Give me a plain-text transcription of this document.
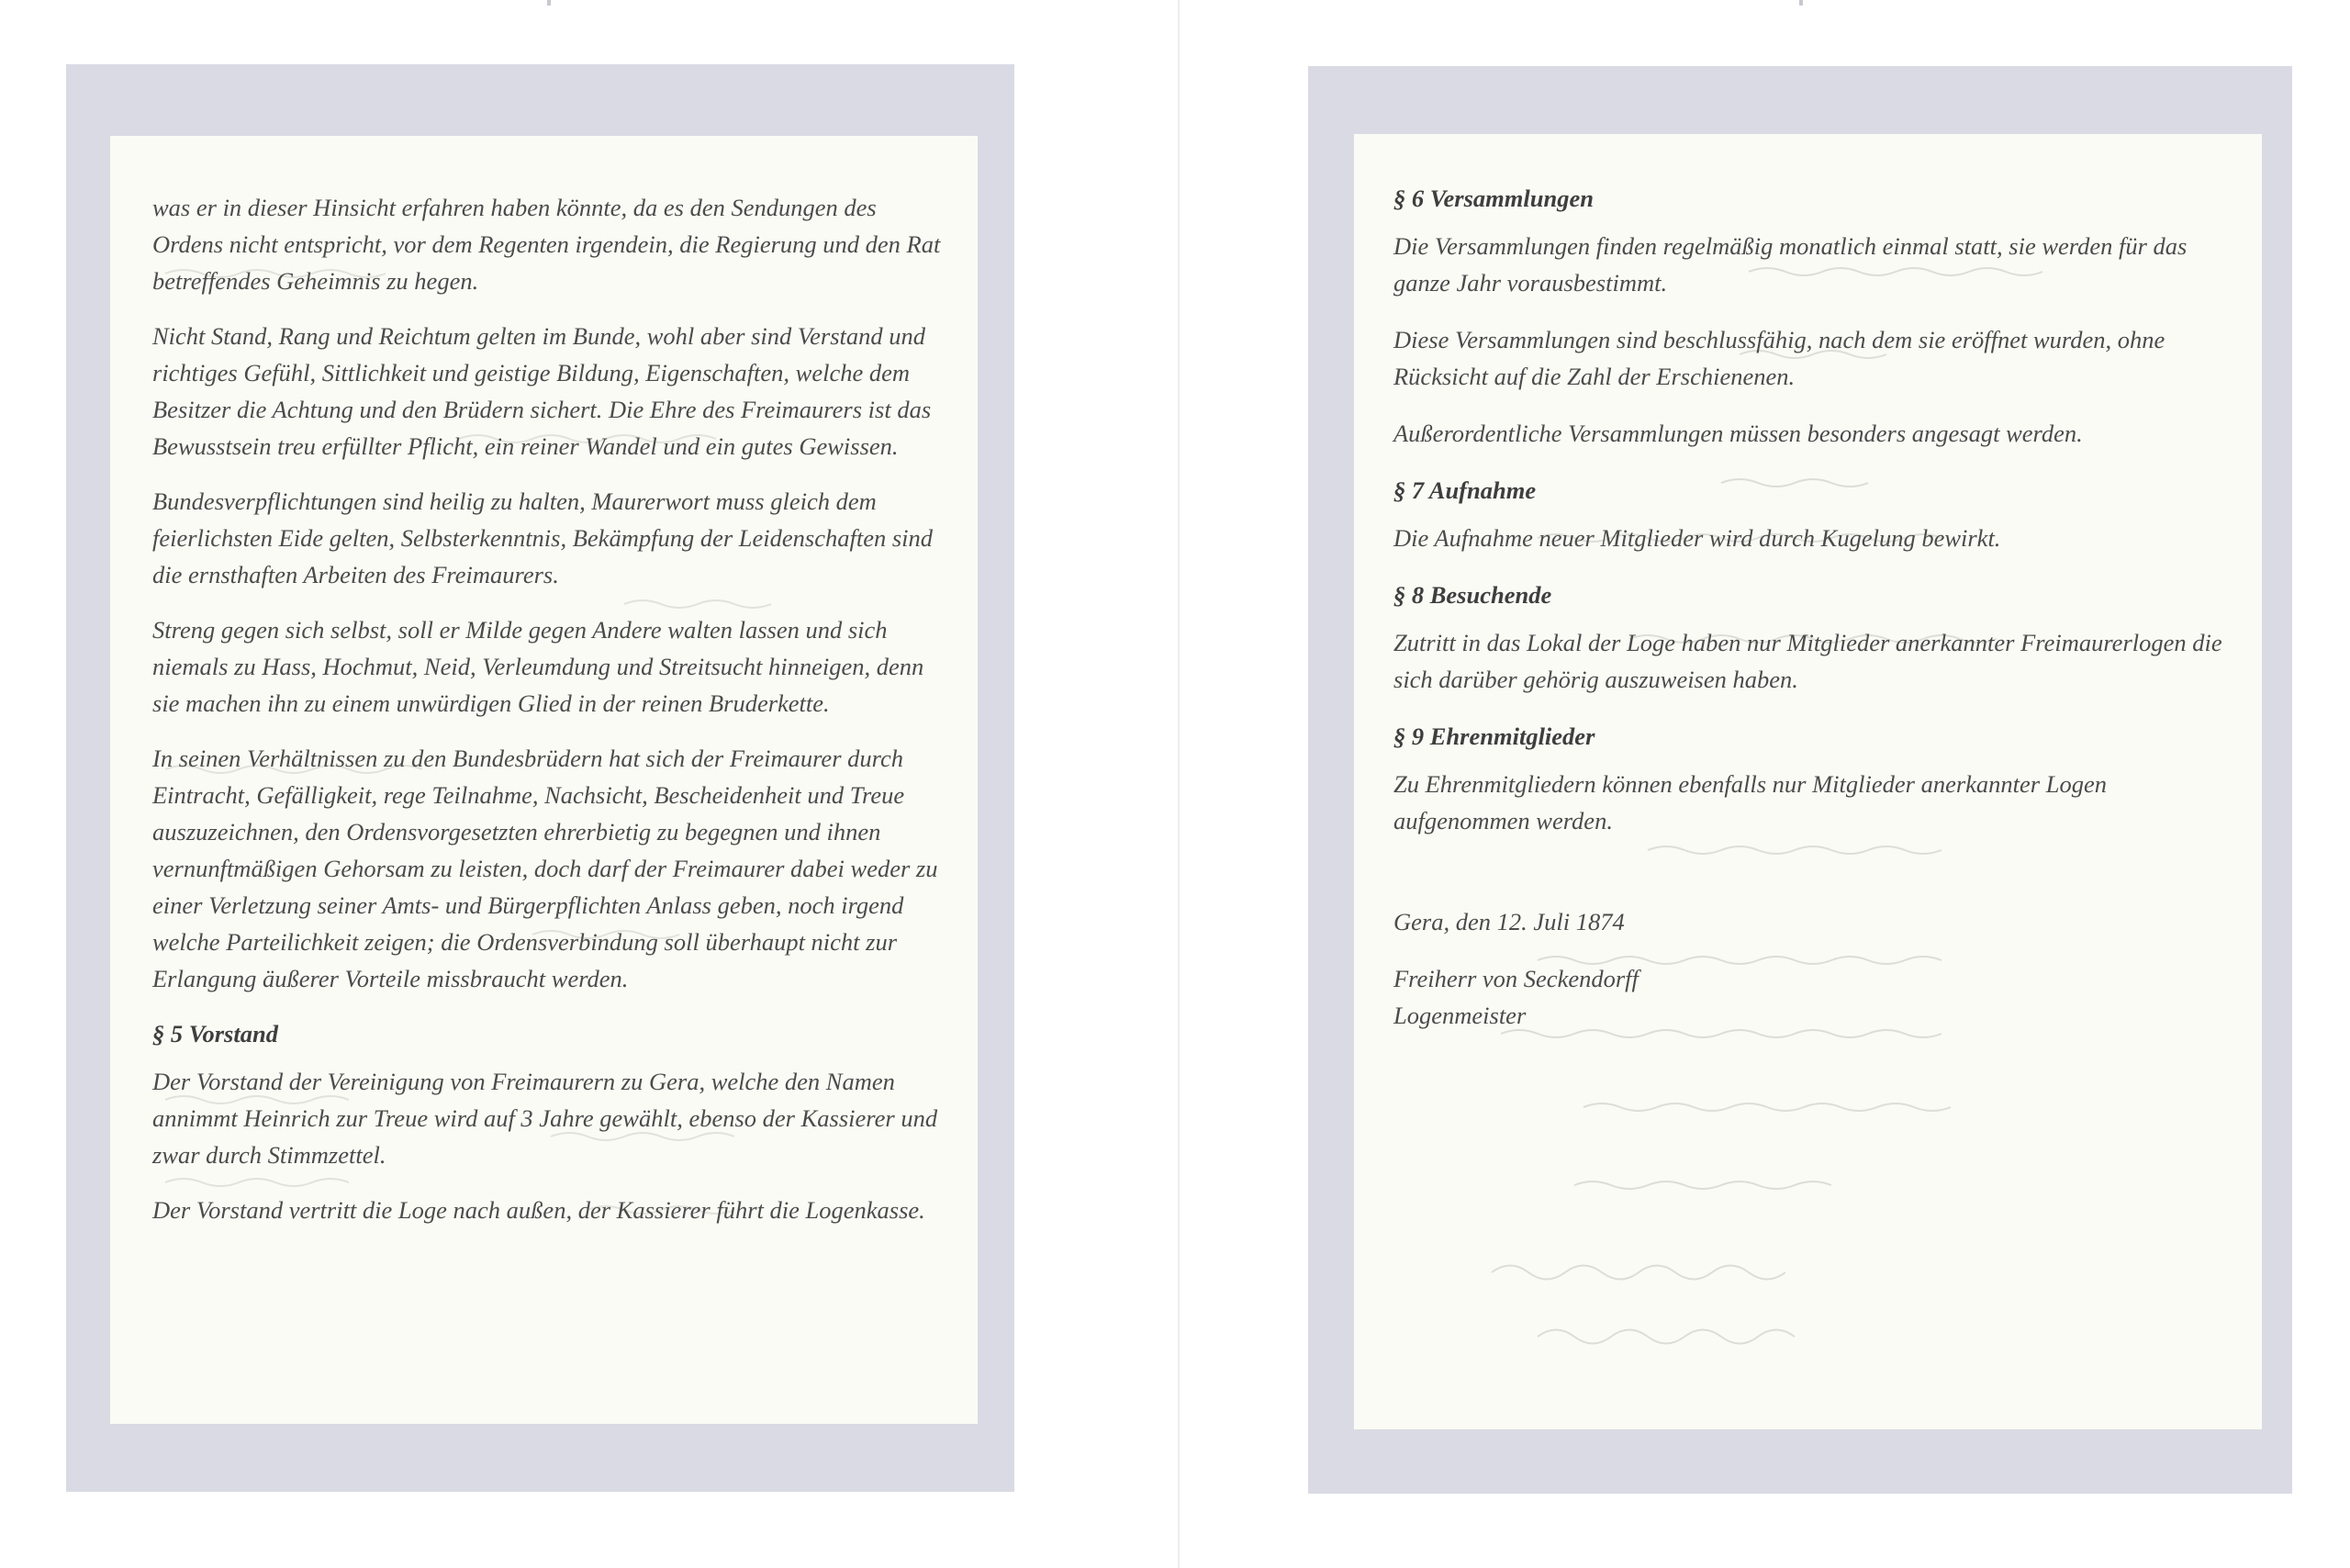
was er in dieser Hinsicht erfahren haben könnte, da es den Sendungen des Ordens nicht entspricht, vor dem Regenten irgendein, die Regierung und den Rat betreffendes Geheimnis zu hegen.

Nicht Stand, Rang und Reichtum gelten im Bunde, wohl aber sind Verstand und richtiges Gefühl, Sittlichkeit und geistige Bildung, Eigenschaften, welche dem Besitzer die Achtung und den Brüdern sichert. Die Ehre des Freimaurers ist das Bewusstsein treu erfüllter Pflicht, ein reiner Wandel und ein gutes Gewissen.

Bundesverpflichtungen sind heilig zu halten, Maurerwort muss gleich dem feierlichsten Eide gelten, Selbsterkenntnis, Bekämpfung der Leidenschaften sind die ernsthaften Arbeiten des Freimaurers.

Streng gegen sich selbst, soll er Milde gegen Andere walten lassen und sich niemals zu Hass, Hochmut, Neid, Verleumdung und Streitsucht hinneigen, denn sie machen ihn zu einem unwürdigen Glied in der reinen Bruderkette.

In seinen Verhältnissen zu den Bundesbrüdern hat sich der Freimaurer durch Eintracht, Gefälligkeit, rege Teilnahme, Nachsicht, Bescheidenheit und Treue auszuzeichnen, den Ordensvorgesetzten ehrerbietig zu begegnen und ihnen vernunftmäßigen Gehorsam zu leisten, doch darf der Freimaurer dabei weder zu einer Verletzung seiner Amts- und Bürgerpflichten Anlass geben, noch irgend welche Parteilichkeit zeigen; die Ordensverbindung soll überhaupt nicht zur Erlangung äußerer Vorteile missbraucht werden.

§ 5 Vorstand

Der Vorstand der Vereinigung von Freimaurern zu Gera, welche den Namen annimmt Heinrich zur Treue wird auf 3 Jahre gewählt, ebenso der Kassierer und zwar durch Stimmzettel.

Der Vorstand vertritt die Loge nach außen, der Kassierer führt die Logenkasse.

§ 6 Versammlungen

Die Versammlungen finden regelmäßig monatlich einmal statt, sie werden für das ganze Jahr vorausbestimmt.

Diese Versammlungen sind beschlussfähig, nach dem sie eröffnet wurden, ohne Rücksicht auf die Zahl der Erschienenen.

Außerordentliche Versammlungen müssen besonders angesagt werden.

§ 7 Aufnahme

Die Aufnahme neuer Mitglieder wird durch Kugelung bewirkt.

§ 8 Besuchende

Zutritt in das Lokal der Loge haben nur Mitglieder anerkannter Freimaurerlogen die sich darüber gehörig auszuweisen haben.

§ 9 Ehrenmitglieder

Zu Ehrenmitgliedern können ebenfalls nur Mitglieder anerkannter Logen aufgenommen werden.

Gera, den 12. Juli 1874

Freiherr von Seckendorff

Logenmeister
